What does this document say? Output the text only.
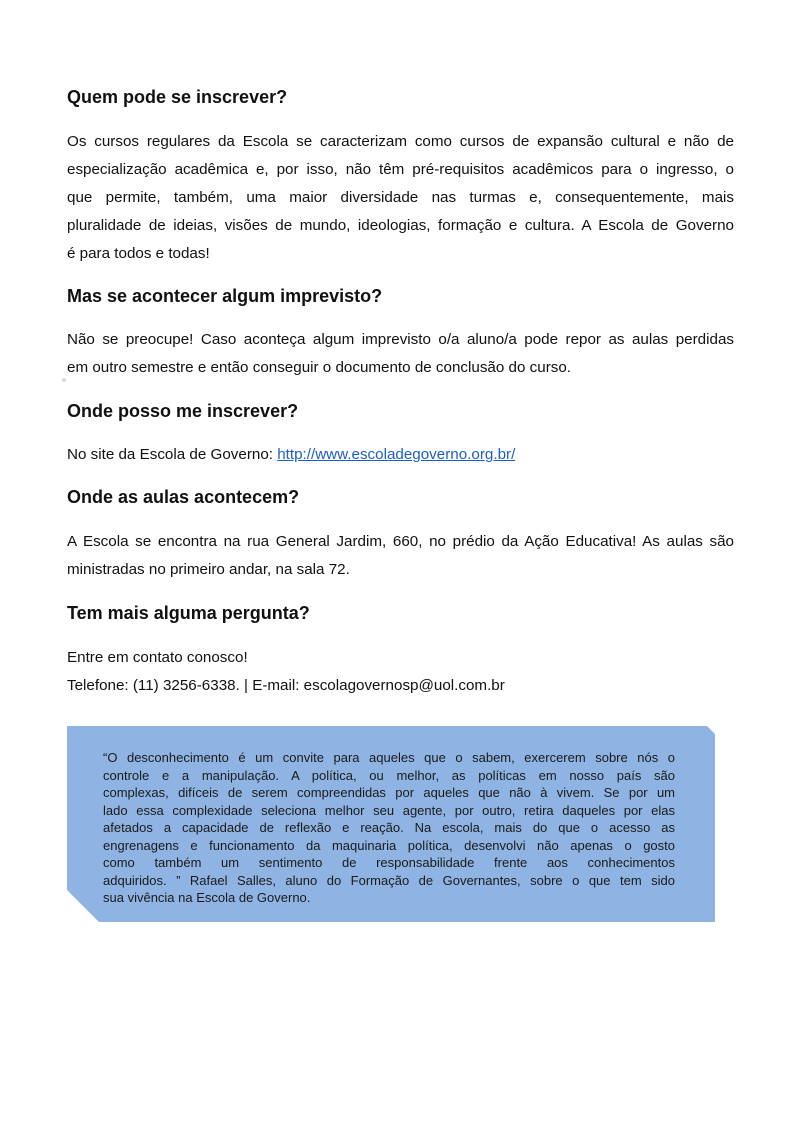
Quem pode se inscrever?

Os cursos regulares da Escola se caracterizam como cursos de expansão cultural e não de
especialização acadêmica e, por isso, não têm pré-requisitos acadêmicos para o ingresso, o
que permite, também, uma maior diversidade nas turmas e, consequentemente, mais
pluralidade de ideias, visões de mundo, ideologias, formação e cultura. A Escola de Governo
é para todos e todas!

Mas se acontecer algum imprevisto?

Não se preocupe! Caso aconteça algum imprevisto o/a aluno/a pode repor as aulas perdidas
em outro semestre e então conseguir o documento de conclusão do curso.

Onde posso me inscrever?

No site da Escola de Governo: http://www.escoladegoverno.org.br/

Onde as aulas acontecem?

A Escola se encontra na rua General Jardim, 660, no prédio da Ação Educativa! As aulas são
ministradas no primeiro andar, na sala 72.

Tem mais alguma pergunta?

Entre em contato conosco!
Telefone: (11) 3256-6338. | E-mail: escolagovernosp@uol.com.br

“O desconhecimento é um convite para aqueles que o sabem, exercerem sobre nós o
controle e a manipulação. A política, ou melhor, as políticas em nosso país são
complexas, difíceis de serem compreendidas por aqueles que não à vivem. Se por um
lado essa complexidade seleciona melhor seu agente, por outro, retira daqueles por elas
afetados a capacidade de reflexão e reação. Na escola, mais do que o acesso as
engrenagens e funcionamento da maquinaria política, desenvolvi não apenas o gosto
como também um sentimento de responsabilidade frente aos conhecimentos
adquiridos. ” Rafael Salles, aluno do Formação de Governantes, sobre o que tem sido
sua vivência na Escola de Governo.
